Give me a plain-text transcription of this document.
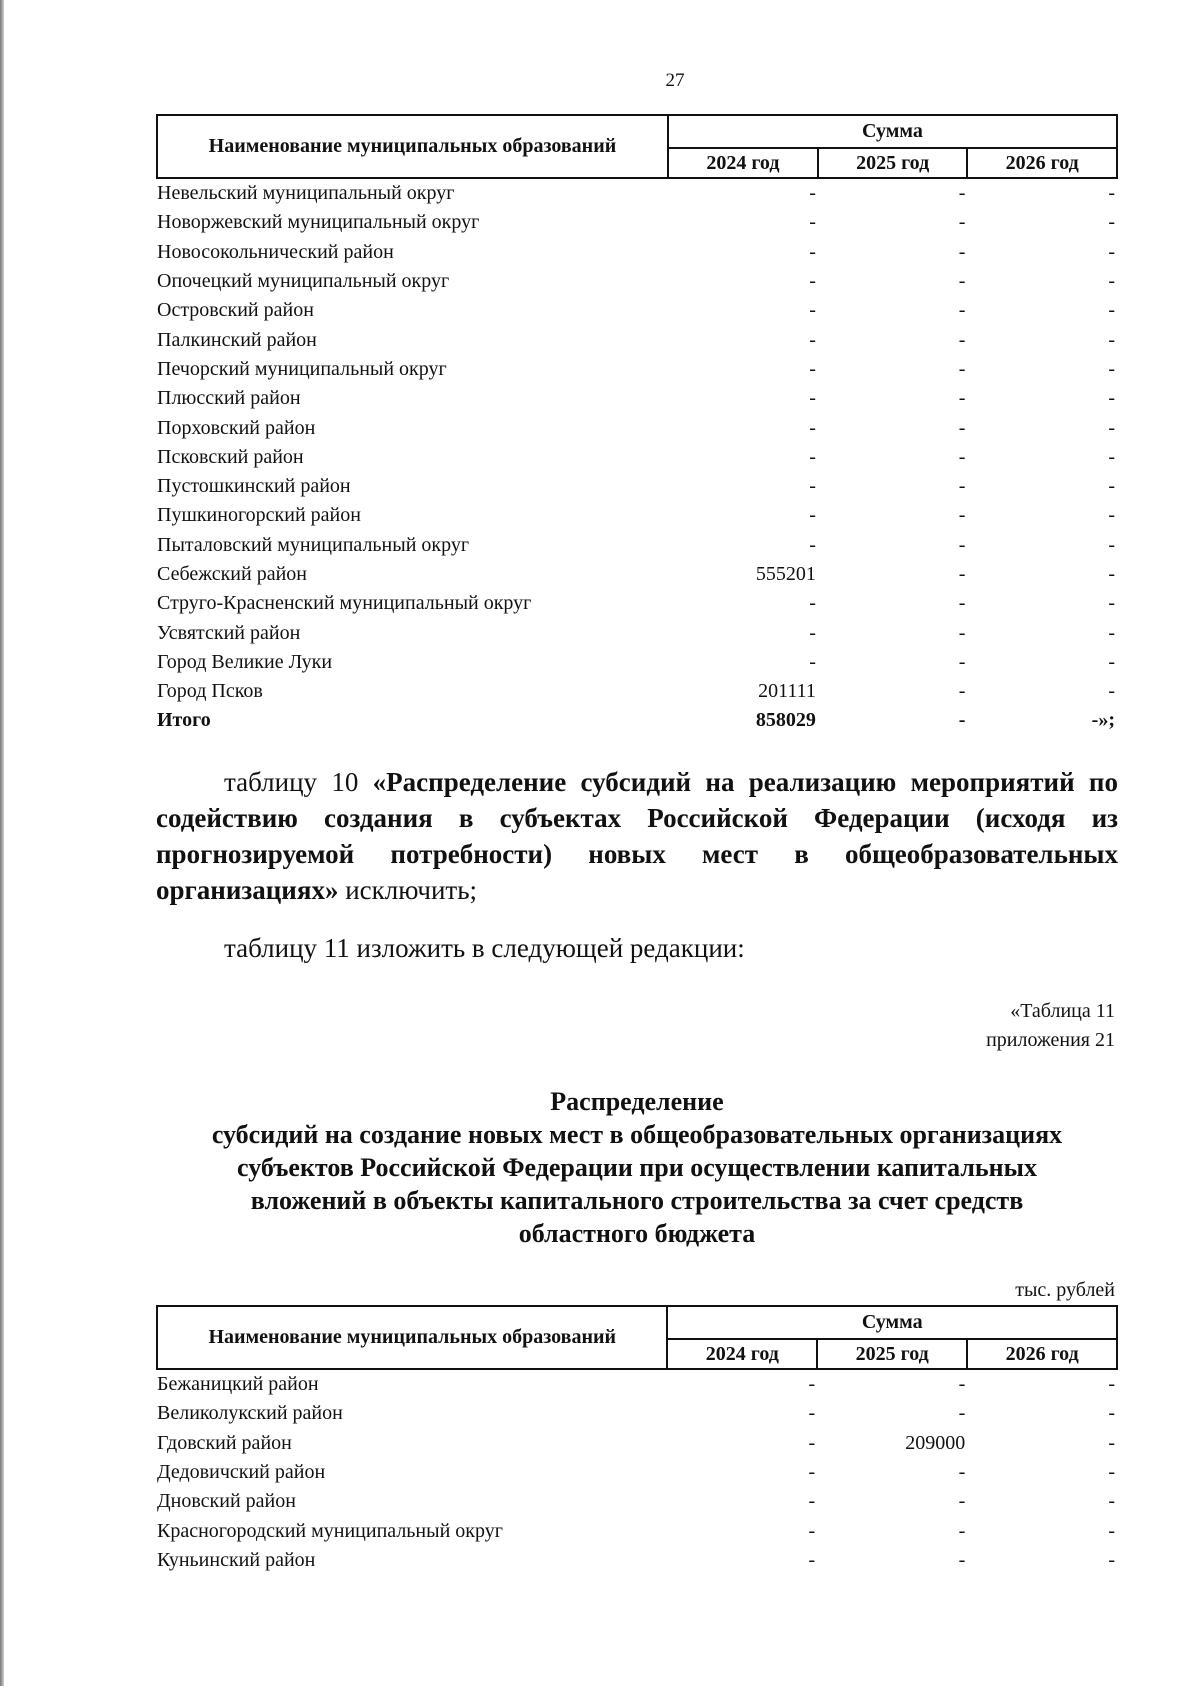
27
Наименование муниципальных образований	Сумма		
	2024 год	2025 год	2026 год
Невельский муниципальный округ	-	-	-
Новоржевский муниципальный округ	-	-	-
Новосокольнический район	-	-	-
Опочецкий муниципальный округ	-	-	-
Островский район	-	-	-
Палкинский район	-	-	-
Печорский муниципальный округ	-	-	-
Плюсский район	-	-	-
Порховский район	-	-	-
Псковский район	-	-	-
Пустошкинский район	-	-	-
Пушкиногорский район	-	-	-
Пыталовский муниципальный округ	-	-	-
Себежский район	555201	-	-
Струго-Красненский муниципальный округ	-	-	-
Усвятский район	-	-	-
Город Великие Луки	-	-	-
Город Псков	201111	-	-
Итого	858029	-	-»;
таблицу 10 «Распределение субсидий на реализацию мероприятий по содействию создания в субъектах Российской Федерации (исходя из прогнозируемой потребности) новых мест в общеобразовательных организациях» исключить;
таблицу 11 изложить в следующей редакции:
«Таблица 11
приложения 21
Распределение
субсидий на создание новых мест в общеобразовательных организациях
субъектов Российской Федерации при осуществлении капитальных
вложений в объекты капитального строительства за счет средств
областного бюджета
тыс. рублей
Наименование муниципальных образований	Сумма		
	2024 год	2025 год	2026 год
Бежаницкий район	-	-	-
Великолукский район	-	-	-
Гдовский район	-	209000	-
Дедовичский район	-	-	-
Дновский район	-	-	-
Красногородский муниципальный округ	-	-	-
Куньинский район	-	-	-
